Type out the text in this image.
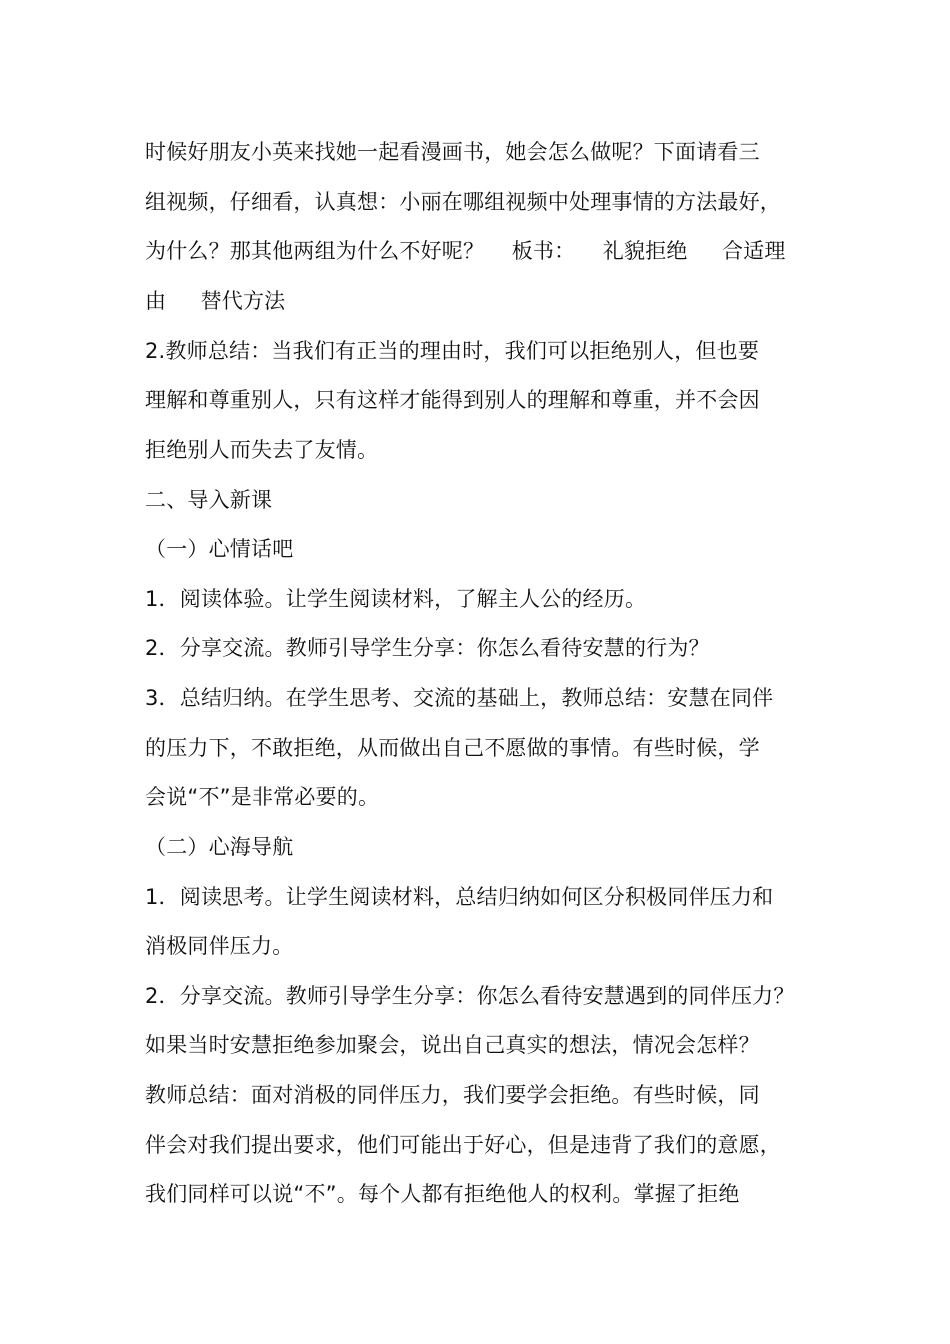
时候好朋友小英来找她一起看漫画书，她会怎么做呢？下面请看三
组视频，仔细看，认真想：小丽在哪组视频中处理事情的方法最好，
为什么？那其他两组为什么不好呢？    板书：    礼貌拒绝     合适理
由     替代方法
2.教师总结：当我们有正当的理由时，我们可以拒绝别人，但也要
理解和尊重别人，只有这样才能得到别人的理解和尊重，并不会因
拒绝别人而失去了友情。
二、导入新课
（一）心情话吧
1．阅读体验。让学生阅读材料，了解主人公的经历。
2．分享交流。教师引导学生分享：你怎么看待安慧的行为？
3．总结归纳。在学生思考、交流的基础上，教师总结：安慧在同伴
的压力下，不敢拒绝，从而做出自己不愿做的事情。有些时候，学
会说“不”是非常必要的。
（二）心海导航
1．阅读思考。让学生阅读材料，总结归纳如何区分积极同伴压力和
消极同伴压力。
2．分享交流。教师引导学生分享：你怎么看待安慧遇到的同伴压力？
如果当时安慧拒绝参加聚会，说出自己真实的想法，情况会怎样？
教师总结：面对消极的同伴压力，我们要学会拒绝。有些时候，同
伴会对我们提出要求，他们可能出于好心，但是违背了我们的意愿，
我们同样可以说“不”。每个人都有拒绝他人的权利。掌握了拒绝
